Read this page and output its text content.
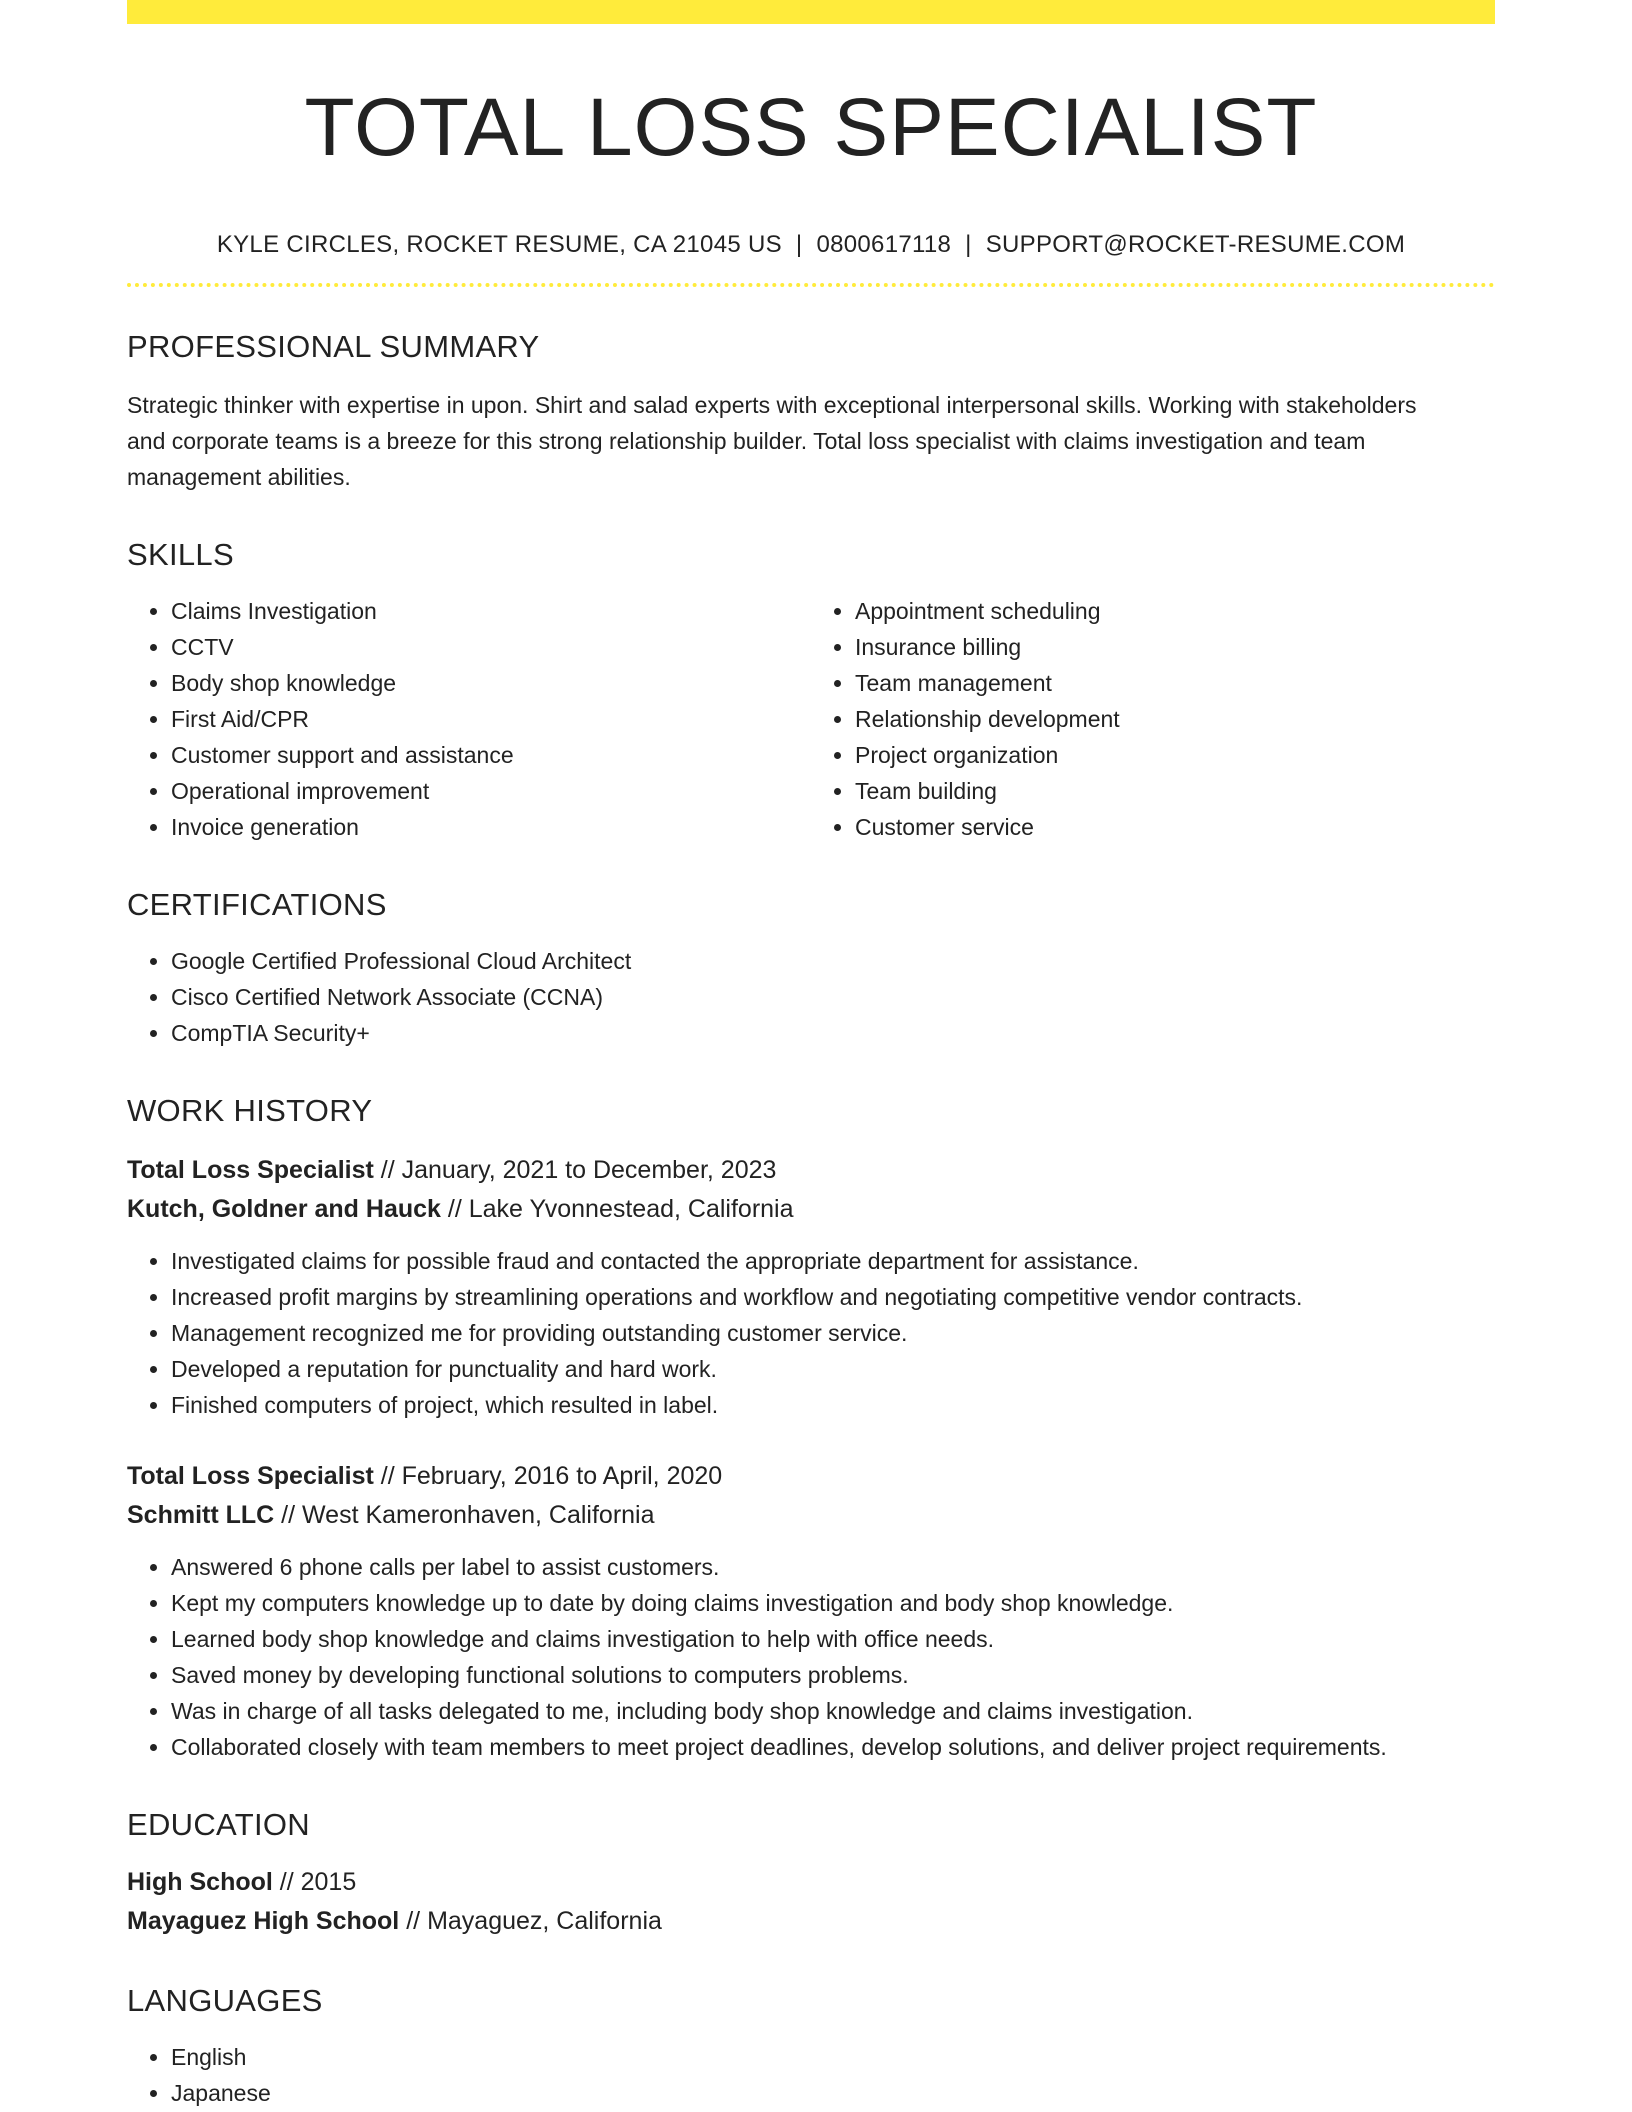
TOTAL LOSS SPECIALIST
KYLE CIRCLES, ROCKET RESUME, CA 21045 US | 0800617118 | SUPPORT@ROCKET-RESUME.COM
PROFESSIONAL SUMMARY
Strategic thinker with expertise in upon. Shirt and salad experts with exceptional interpersonal skills. Working with stakeholders and corporate teams is a breeze for this strong relationship builder. Total loss specialist with claims investigation and team management abilities.
SKILLS
• Claims Investigation
• CCTV
• Body shop knowledge
• First Aid/CPR
• Customer support and assistance
• Operational improvement
• Invoice generation
• Appointment scheduling
• Insurance billing
• Team management
• Relationship development
• Project organization
• Team building
• Customer service
CERTIFICATIONS
• Google Certified Professional Cloud Architect
• Cisco Certified Network Associate (CCNA)
• CompTIA Security+
WORK HISTORY
Total Loss Specialist // January, 2021 to December, 2023
Kutch, Goldner and Hauck // Lake Yvonnestead, California
• Investigated claims for possible fraud and contacted the appropriate department for assistance.
• Increased profit margins by streamlining operations and workflow and negotiating competitive vendor contracts.
• Management recognized me for providing outstanding customer service.
• Developed a reputation for punctuality and hard work.
• Finished computers of project, which resulted in label.
Total Loss Specialist // February, 2016 to April, 2020
Schmitt LLC // West Kameronhaven, California
• Answered 6 phone calls per label to assist customers.
• Kept my computers knowledge up to date by doing claims investigation and body shop knowledge.
• Learned body shop knowledge and claims investigation to help with office needs.
• Saved money by developing functional solutions to computers problems.
• Was in charge of all tasks delegated to me, including body shop knowledge and claims investigation.
• Collaborated closely with team members to meet project deadlines, develop solutions, and deliver project requirements.
EDUCATION
High School // 2015
Mayaguez High School // Mayaguez, California
LANGUAGES
• English
• Japanese
